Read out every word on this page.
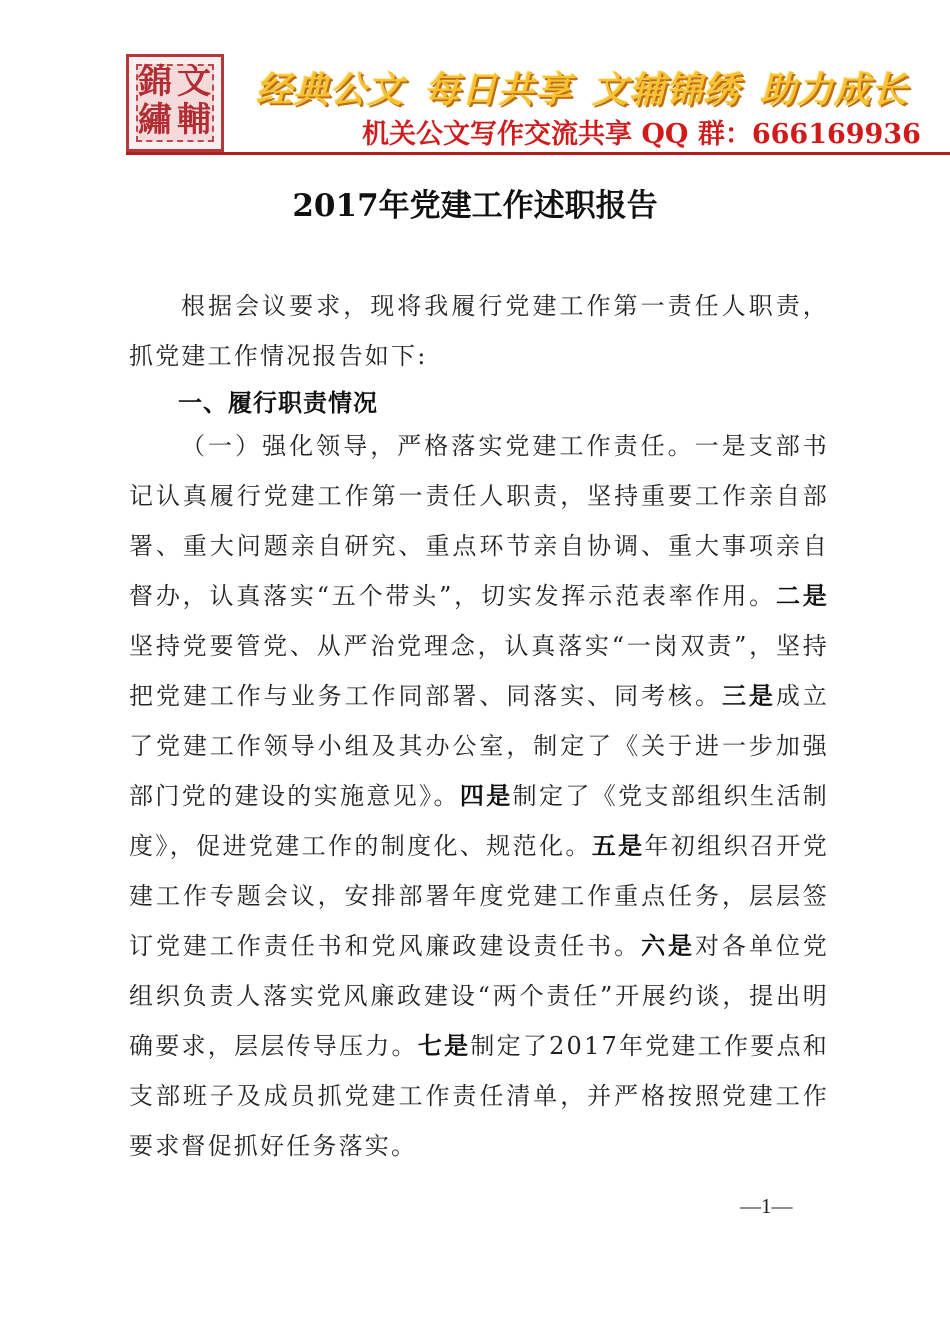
錦 文
繡 輔
经典公文 每日共享 文辅锦绣 助力成长
机关公文写作交流共享 QQ 群：666169936
2017年党建工作述职报告

根据会议要求，现将我履行党建工作第一责任人职责，抓党建工作情况报告如下:

一、履行职责情况

（一）强化领导，严格落实党建工作责任。一是支部书记认真履行党建工作第一责任人职责，坚持重要工作亲自部署、重大问题亲自研究、重点环节亲自协调、重大事项亲自督办，认真落实“五个带头”，切实发挥示范表率作用。二是坚持党要管党、从严治党理念，认真落实“一岗双责”，坚持把党建工作与业务工作同部署、同落实、同考核。三是成立了党建工作领导小组及其办公室，制定了《关于进一步加强部门党的建设的实施意见》。四是制定了《党支部组织生活制度》，促进党建工作的制度化、规范化。五是年初组织召开党建工作专题会议，安排部署年度党建工作重点任务，层层签订党建工作责任书和党风廉政建设责任书。六是对各单位党组织负责人落实党风廉政建设“两个责任”开展约谈，提出明确要求，层层传导压力。七是制定了2017年党建工作要点和支部班子及成员抓党建工作责任清单，并严格按照党建工作要求督促抓好任务落实。

—1—
